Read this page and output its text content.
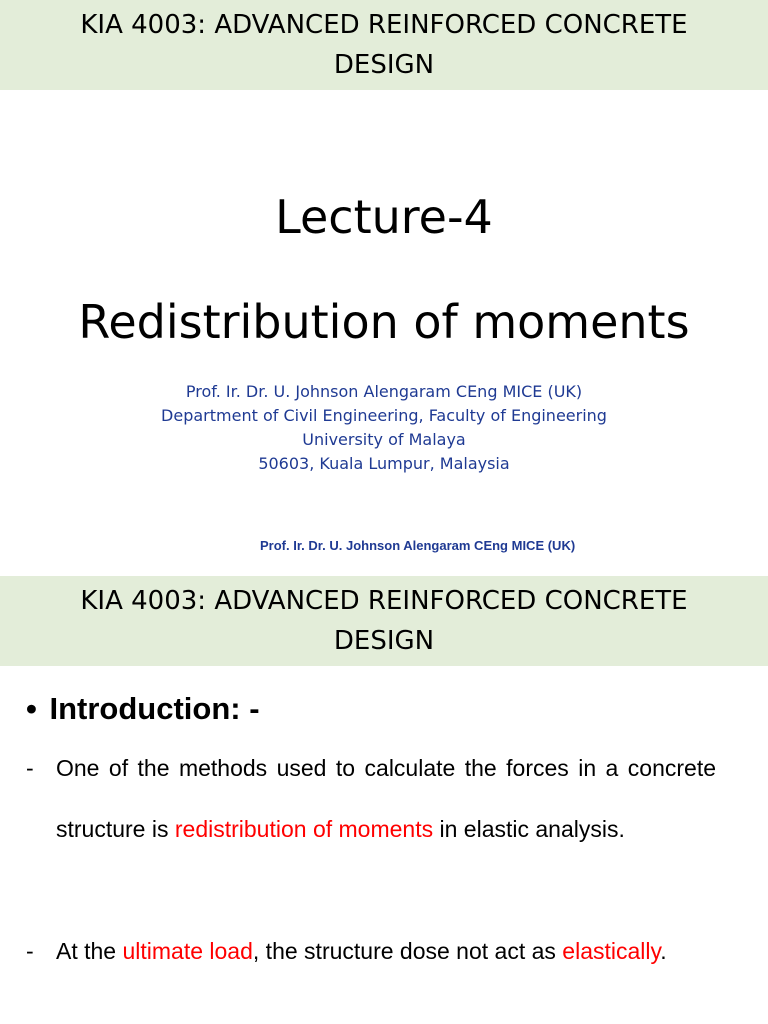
KIA 4003: ADVANCED REINFORCED CONCRETE
DESIGN
Lecture-4
Redistribution of moments
Prof. Ir. Dr. U. Johnson Alengaram CEng MICE (UK)
Department of Civil Engineering, Faculty of Engineering
University of Malaya
50603, Kuala Lumpur, Malaysia
Prof. Ir. Dr. U. Johnson Alengaram CEng MICE (UK)
KIA 4003: ADVANCED REINFORCED CONCRETE
DESIGN
• Introduction: -
- One of the methods used to calculate the forces in a concrete structure is redistribution of moments in elastic analysis.
- At the ultimate load, the structure dose not act as elastically.
